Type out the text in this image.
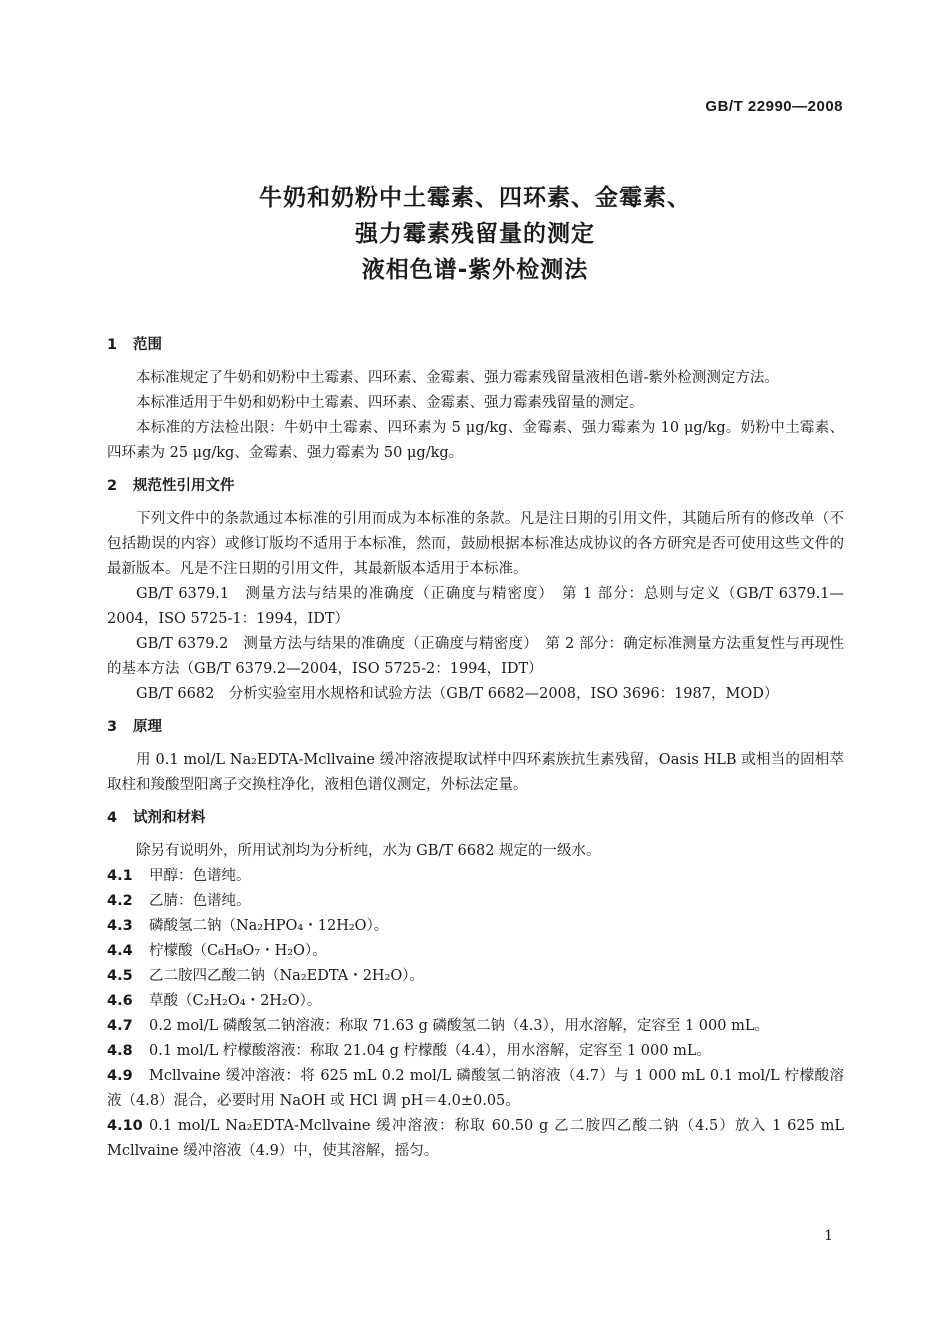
GB/T 22990—2008
牛奶和奶粉中土霉素、四环素、金霉素、
强力霉素残留量的测定
液相色谱-紫外检测法
1 范围
本标准规定了牛奶和奶粉中土霉素、四环素、金霉素、强力霉素残留量液相色谱-紫外检测测定方法。
本标准适用于牛奶和奶粉中土霉素、四环素、金霉素、强力霉素残留量的测定。
本标准的方法检出限：牛奶中土霉素、四环素为 5 μg/kg、金霉素、强力霉素为 10 μg/kg。奶粉中土霉素、四环素为 25 μg/kg、金霉素、强力霉素为 50 μg/kg。
2 规范性引用文件
下列文件中的条款通过本标准的引用而成为本标准的条款。凡是注日期的引用文件，其随后所有的修改单（不包括勘误的内容）或修订版均不适用于本标准，然而，鼓励根据本标准达成协议的各方研究是否可使用这些文件的最新版本。凡是不注日期的引用文件，其最新版本适用于本标准。
GB/T 6379.1　测量方法与结果的准确度（正确度与精密度）　第 1 部分：总则与定义（GB/T 6379.1—2004，ISO 5725-1：1994，IDT）
GB/T 6379.2　测量方法与结果的准确度（正确度与精密度）　第 2 部分：确定标准测量方法重复性与再现性的基本方法（GB/T 6379.2—2004，ISO 5725-2：1994，IDT）
GB/T 6682　分析实验室用水规格和试验方法（GB/T 6682—2008，ISO 3696：1987，MOD）
3 原理
用 0.1 mol/L Na₂EDTA-Mcllvaine 缓冲溶液提取试样中四环素族抗生素残留，Oasis HLB 或相当的固相萃取柱和羧酸型阳离子交换柱净化，液相色谱仪测定，外标法定量。
4 试剂和材料
除另有说明外，所用试剂均为分析纯，水为 GB/T 6682 规定的一级水。
4.1 甲醇：色谱纯。
4.2 乙腈：色谱纯。
4.3 磷酸氢二钠（Na₂HPO₄・12H₂O）。
4.4 柠檬酸（C₆H₈O₇・H₂O）。
4.5 乙二胺四乙酸二钠（Na₂EDTA・2H₂O）。
4.6 草酸（C₂H₂O₄・2H₂O）。
4.7 0.2 mol/L 磷酸氢二钠溶液：称取 71.63 g 磷酸氢二钠（4.3），用水溶解，定容至 1 000 mL。
4.8 0.1 mol/L 柠檬酸溶液：称取 21.04 g 柠檬酸（4.4），用水溶解，定容至 1 000 mL。
4.9 Mcllvaine 缓冲溶液：将 625 mL 0.2 mol/L 磷酸氢二钠溶液（4.7）与 1 000 mL 0.1 mol/L 柠檬酸溶液（4.8）混合，必要时用 NaOH 或 HCl 调 pH＝4.0±0.05。
4.10 0.1 mol/L Na₂EDTA-Mcllvaine 缓冲溶液：称取 60.50 g 乙二胺四乙酸二钠（4.5）放入 1 625 mL Mcllvaine 缓冲溶液（4.9）中，使其溶解，摇匀。
1
